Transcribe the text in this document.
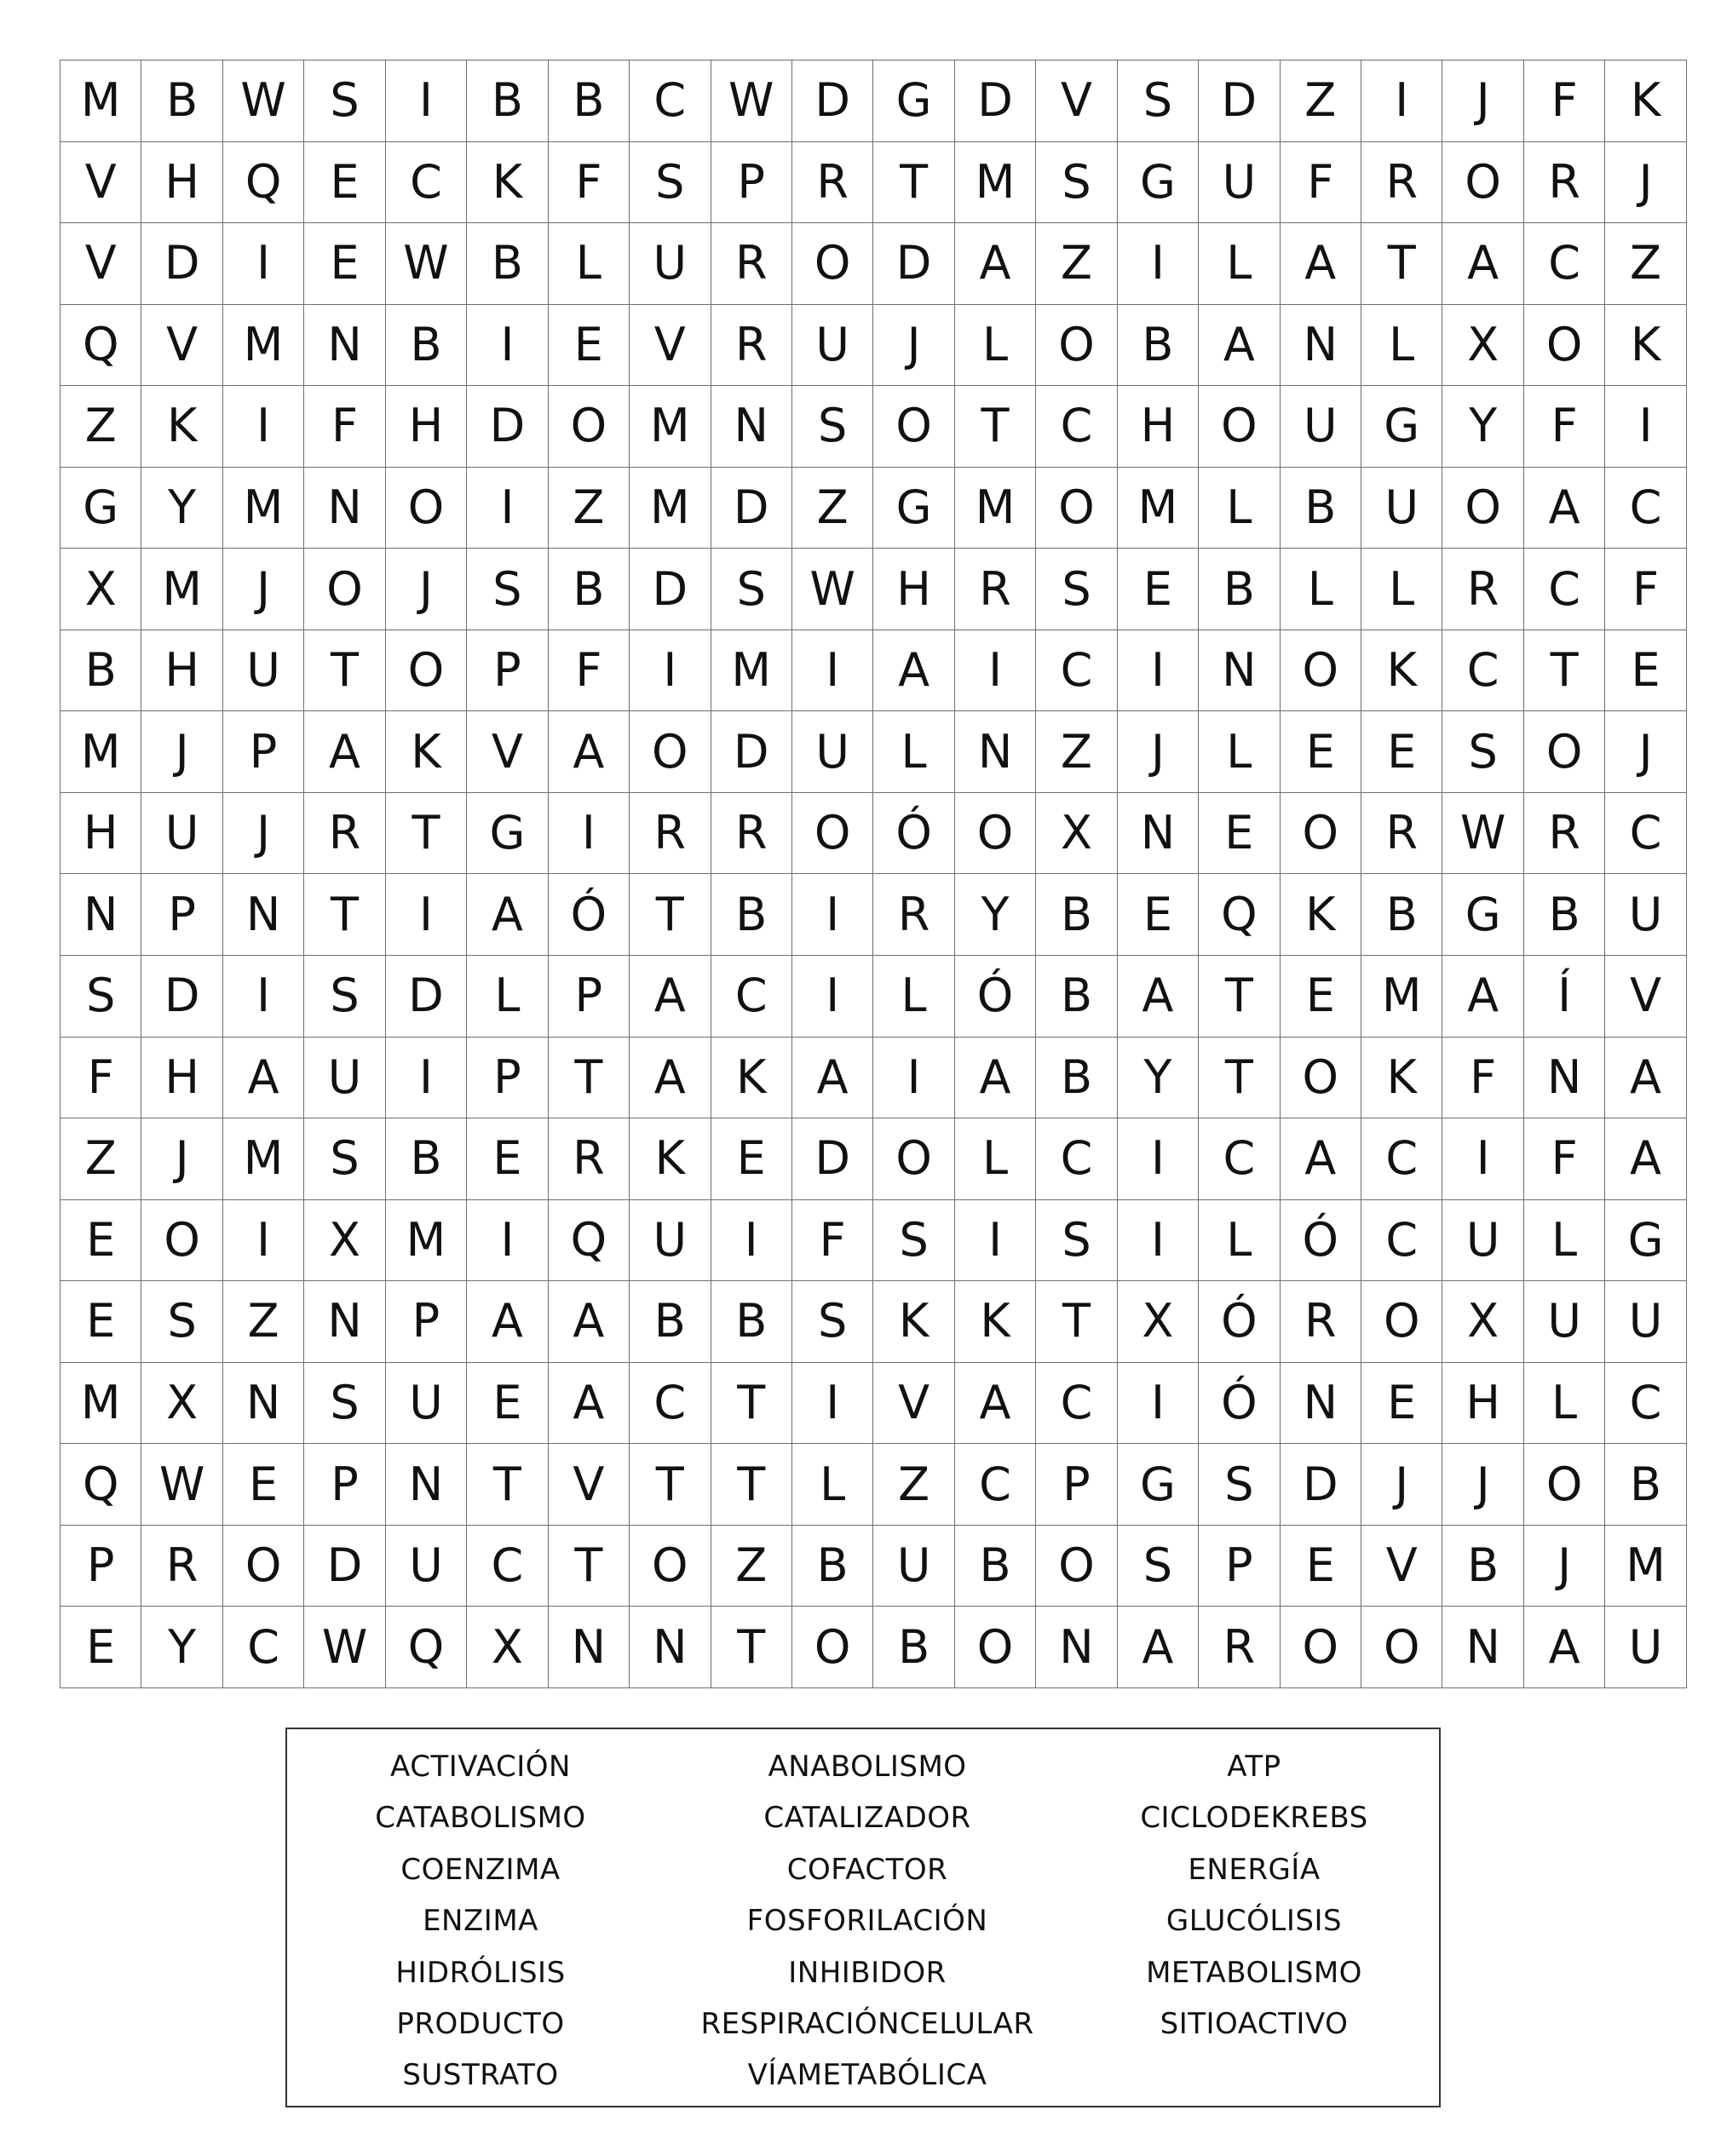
M	B	W	S	I	B	B	C	W	D	G	D	V	S	D	Z	I	J	F	K
V	H	Q	E	C	K	F	S	P	R	T	M	S	G	U	F	R	O	R	J
V	D	I	E	W	B	L	U	R	O	D	A	Z	I	L	A	T	A	C	Z
Q	V	M	N	B	I	E	V	R	U	J	L	O	B	A	N	L	X	O	K
Z	K	I	F	H	D	O	M	N	S	O	T	C	H	O	U	G	Y	F	I
G	Y	M	N	O	I	Z	M	D	Z	G	M	O	M	L	B	U	O	A	C
X	M	J	O	J	S	B	D	S	W	H	R	S	E	B	L	L	R	C	F
B	H	U	T	O	P	F	I	M	I	A	I	C	I	N	O	K	C	T	E
M	J	P	A	K	V	A	O	D	U	L	N	Z	J	L	E	E	S	O	J
H	U	J	R	T	G	I	R	R	O	Ó	O	X	N	E	O	R	W	R	C
N	P	N	T	I	A	Ó	T	B	I	R	Y	B	E	Q	K	B	G	B	U
S	D	I	S	D	L	P	A	C	I	L	Ó	B	A	T	E	M	A	Í	V
F	H	A	U	I	P	T	A	K	A	I	A	B	Y	T	O	K	F	N	A
Z	J	M	S	B	E	R	K	E	D	O	L	C	I	C	A	C	I	F	A
E	O	I	X	M	I	Q	U	I	F	S	I	S	I	L	Ó	C	U	L	G
E	S	Z	N	P	A	A	B	B	S	K	K	T	X	Ó	R	O	X	U	U
M	X	N	S	U	E	A	C	T	I	V	A	C	I	Ó	N	E	H	L	C
Q	W	E	P	N	T	V	T	T	L	Z	C	P	G	S	D	J	J	O	B
P	R	O	D	U	C	T	O	Z	B	U	B	O	S	P	E	V	B	J	M
E	Y	C	W	Q	X	N	N	T	O	B	O	N	A	R	O	O	N	A	U
ACTIVACIÓN	ANABOLISMO	ATP
CATABOLISMO	CATALIZADOR	CICLODEKREBS
COENZIMA	COFACTOR	ENERGÍA
ENZIMA	FOSFORILACIÓN	GLUCÓLISIS
HIDRÓLISIS	INHIBIDOR	METABOLISMO
PRODUCTO	RESPIRACIÓNCELULAR	SITIOACTIVO
SUSTRATO	VÍAMETABÓLICA
